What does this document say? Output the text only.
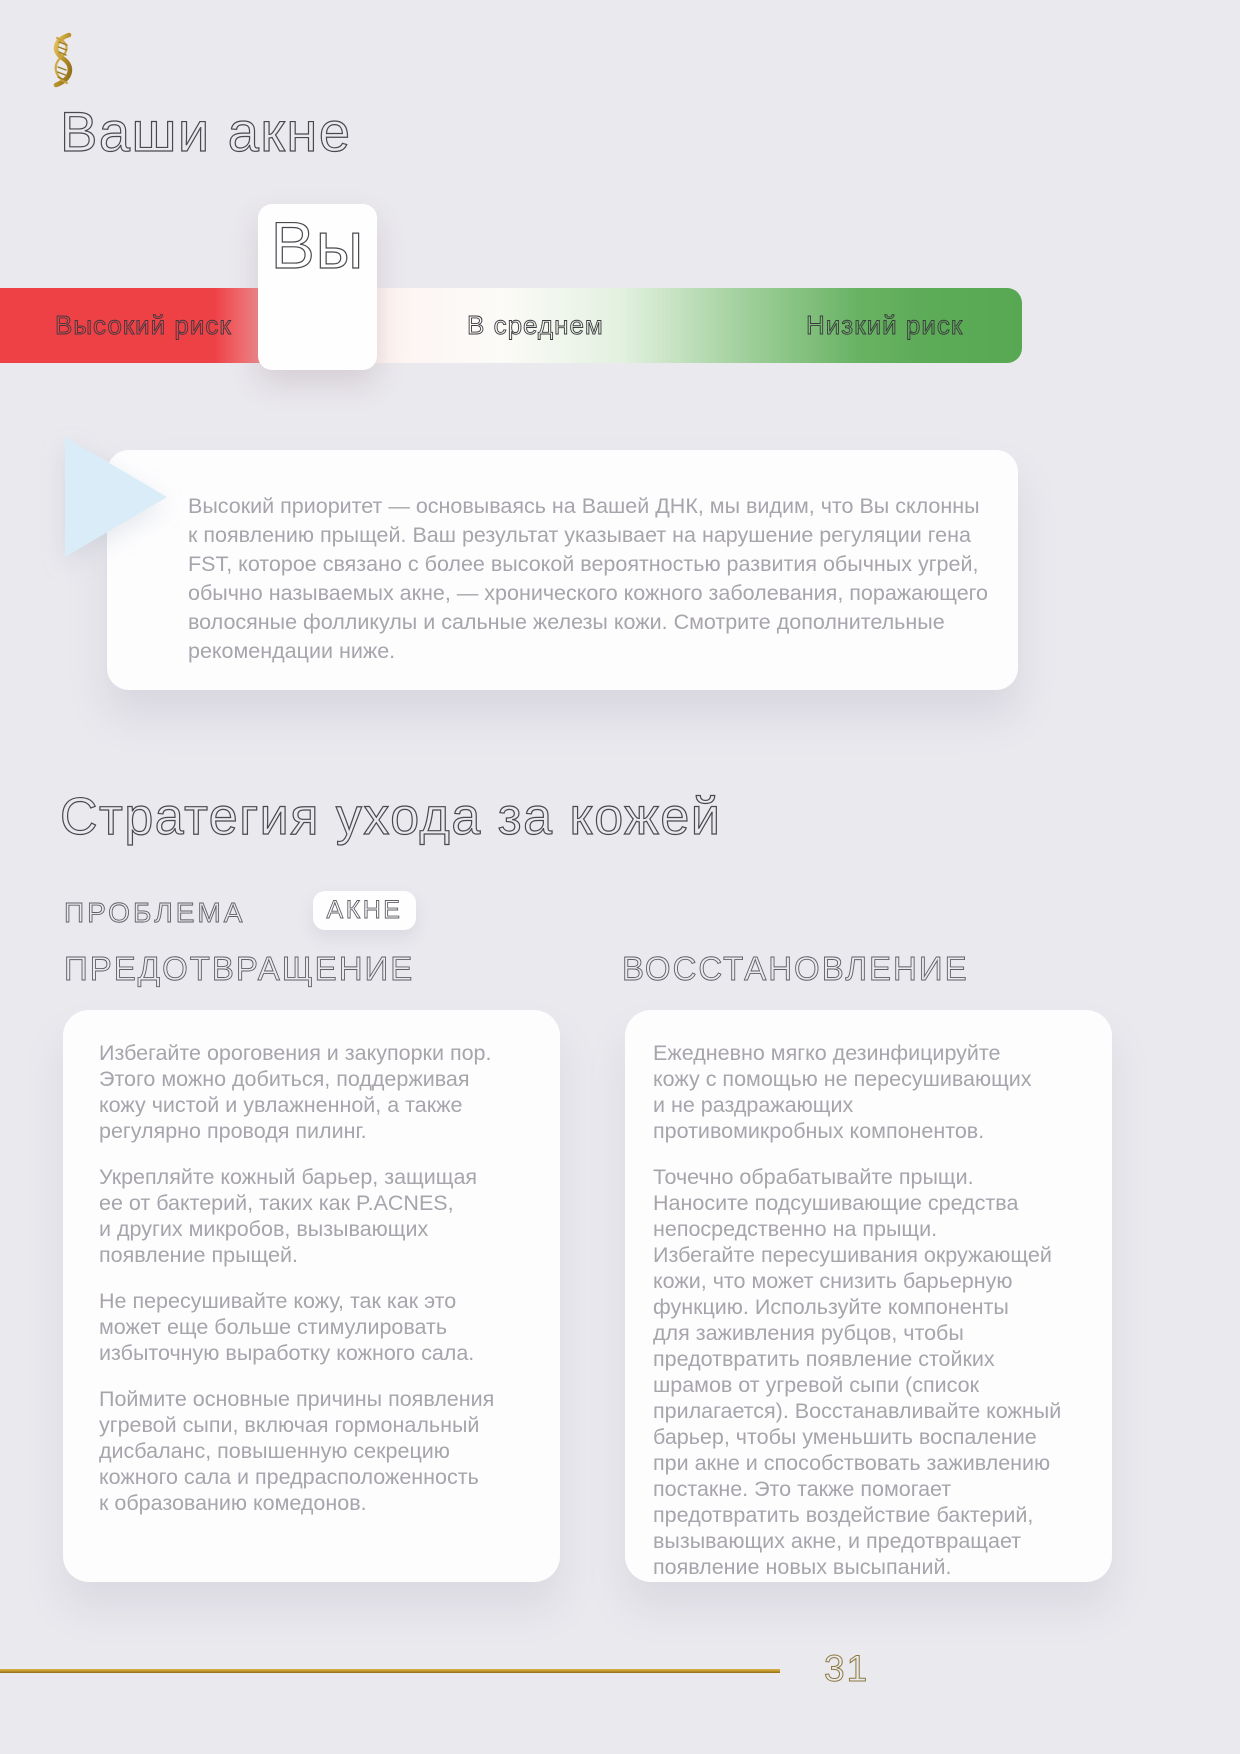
Ваши акне
Высокий риск	В среднем	Низкий риск
Вы

Высокий приоритет — основываясь на Вашей ДНК, мы видим, что Вы склонны
к появлению прыщей. Ваш результат указывает на нарушение регуляции гена
FST, которое связано с более высокой вероятностью развития обычных угрей,
обычно называемых акне, — хронического кожного заболевания, поражающего
волосяные фолликулы и сальные железы кожи. Смотрите дополнительные
рекомендации ниже.

Стратегия ухода за кожей
ПРОБЛЕМА	АКНЕ
ПРЕДОТВРАЩЕНИЕ	ВОССТАНОВЛЕНИЕ

Избегайте ороговения и закупорки пор.
Этого можно добиться, поддерживая
кожу чистой и увлажненной, а также
регулярно проводя пилинг.

Укрепляйте кожный барьер, защищая
ее от бактерий, таких как P.ACNES,
и других микробов, вызывающих
появление прыщей.

Не пересушивайте кожу, так как это
может еще больше стимулировать
избыточную выработку кожного сала.

Поймите основные причины появления
угревой сыпи, включая гормональный
дисбаланс, повышенную секрецию
кожного сала и предрасположенность
к образованию комедонов.

Ежедневно мягко дезинфицируйте
кожу с помощью не пересушивающих
и не раздражающих
противомикробных компонентов.

Точечно обрабатывайте прыщи.
Наносите подсушивающие средства
непосредственно на прыщи.
Избегайте пересушивания окружающей
кожи, что может снизить барьерную
функцию. Используйте компоненты
для заживления рубцов, чтобы
предотвратить появление стойких
шрамов от угревой сыпи (список
прилагается). Восстанавливайте кожный
барьер, чтобы уменьшить воспаление
при акне и способствовать заживлению
постакне. Это также помогает
предотвратить воздействие бактерий,
вызывающих акне, и предотвращает
появление новых высыпаний.

31
